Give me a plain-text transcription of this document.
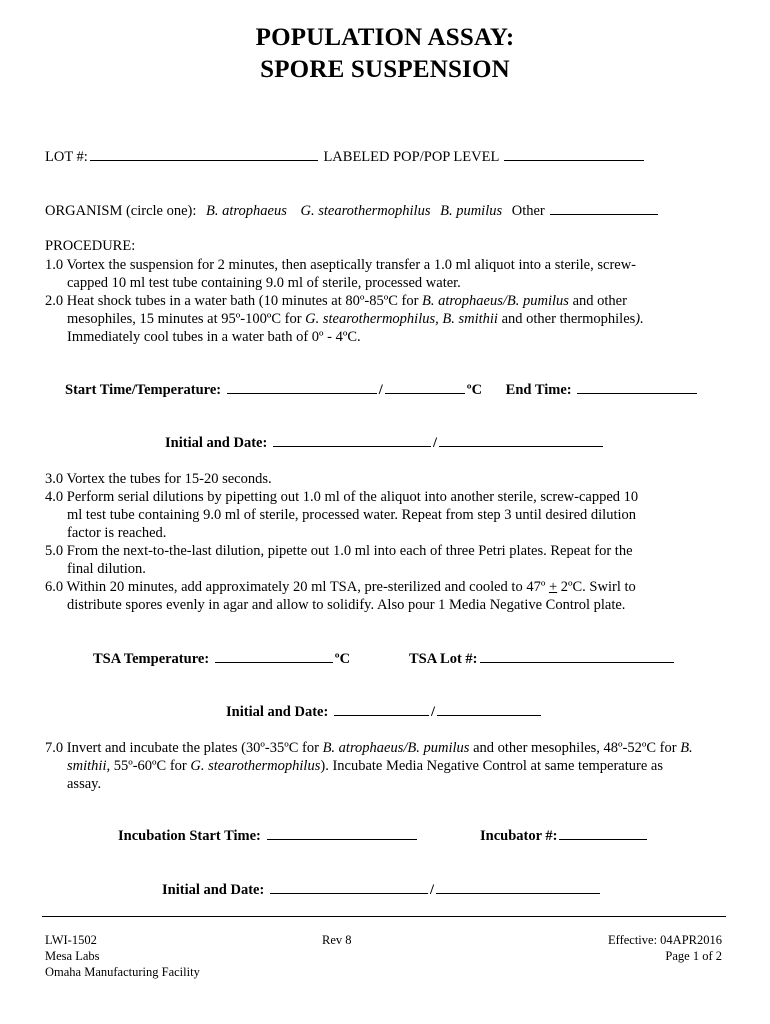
POPULATION ASSAY:
SPORE SUSPENSION
LOT #:	LABELED POP/POP LEVEL
ORGANISM (circle one): B. atrophaeus G. stearothermophilus B. pumilus Other
PROCEDURE:
1.0 Vortex the suspension for 2 minutes, then aseptically transfer a 1.0 ml aliquot into a sterile, screw-
capped 10 ml test tube containing 9.0 ml of sterile, processed water.
2.0 Heat shock tubes in a water bath (10 minutes at 80º-85ºC for B. atrophaeus/B. pumilus and other
mesophiles, 15 minutes at 95º-100ºC for G. stearothermophilus, B. smithii and other thermophiles).
Immediately cool tubes in a water bath of 0º - 4ºC.
Start Time/Temperature:	/	ºC End Time:
Initial and Date:	/
3.0 Vortex the tubes for 15-20 seconds.
4.0 Perform serial dilutions by pipetting out 1.0 ml of the aliquot into another sterile, screw-capped 10
ml test tube containing 9.0 ml of sterile, processed water. Repeat from step 3 until desired dilution
factor is reached.
5.0 From the next-to-the-last dilution, pipette out 1.0 ml into each of three Petri plates. Repeat for the
final dilution.
6.0 Within 20 minutes, add approximately 20 ml TSA, pre-sterilized and cooled to 47º + 2ºC. Swirl to
distribute spores evenly in agar and allow to solidify. Also pour 1 Media Negative Control plate.
TSA Temperature:	ºC	TSA Lot #:
Initial and Date:	/
7.0 Invert and incubate the plates (30º-35ºC for B. atrophaeus/B. pumilus and other mesophiles, 48º-52ºC for B.
smithii, 55º-60ºC for G. stearothermophilus). Incubate Media Negative Control at same temperature as
assay.
Incubation Start Time:	Incubator #:
Initial and Date:	/
LWI-1502
Mesa Labs
Omaha Manufacturing Facility
Rev 8	Effective: 04APR2016
Page 1 of 2
